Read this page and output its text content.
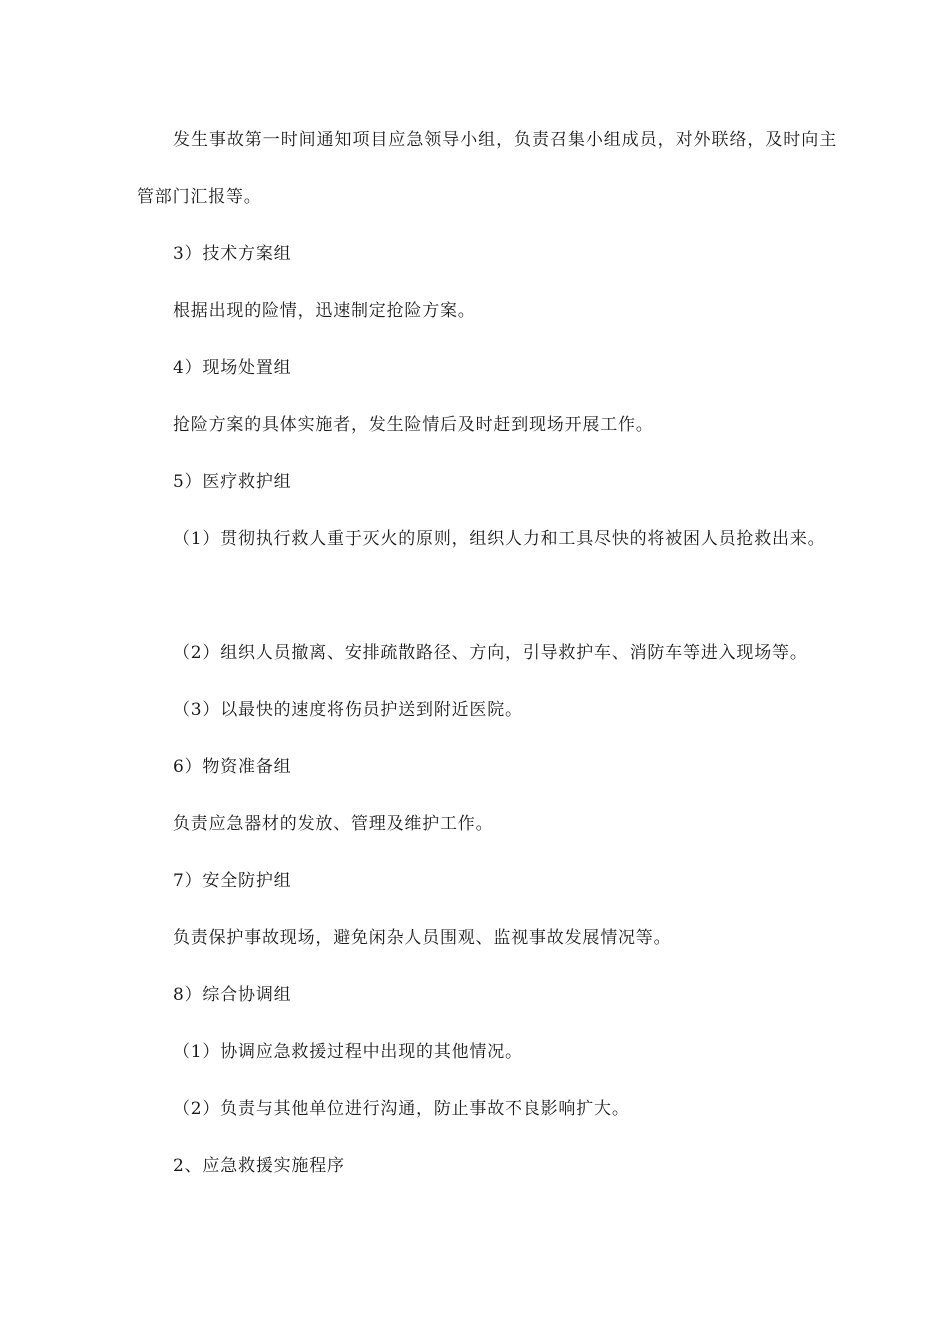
发生事故第一时间通知项目应急领导小组，负责召集小组成员，对外联络，及时向主管部门汇报等。

3）技术方案组

根据出现的险情，迅速制定抢险方案。

4）现场处置组

抢险方案的具体实施者，发生险情后及时赶到现场开展工作。

5）医疗救护组

（1）贯彻执行救人重于灭火的原则，组织人力和工具尽快的将被困人员抢救出来。

（2）组织人员撤离、安排疏散路径、方向，引导救护车、消防车等进入现场等。

（3）以最快的速度将伤员护送到附近医院。

6）物资准备组

负责应急器材的发放、管理及维护工作。

7）安全防护组

负责保护事故现场，避免闲杂人员围观、监视事故发展情况等。

8）综合协调组

（1）协调应急救援过程中出现的其他情况。

（2）负责与其他单位进行沟通，防止事故不良影响扩大。

2、应急救援实施程序
